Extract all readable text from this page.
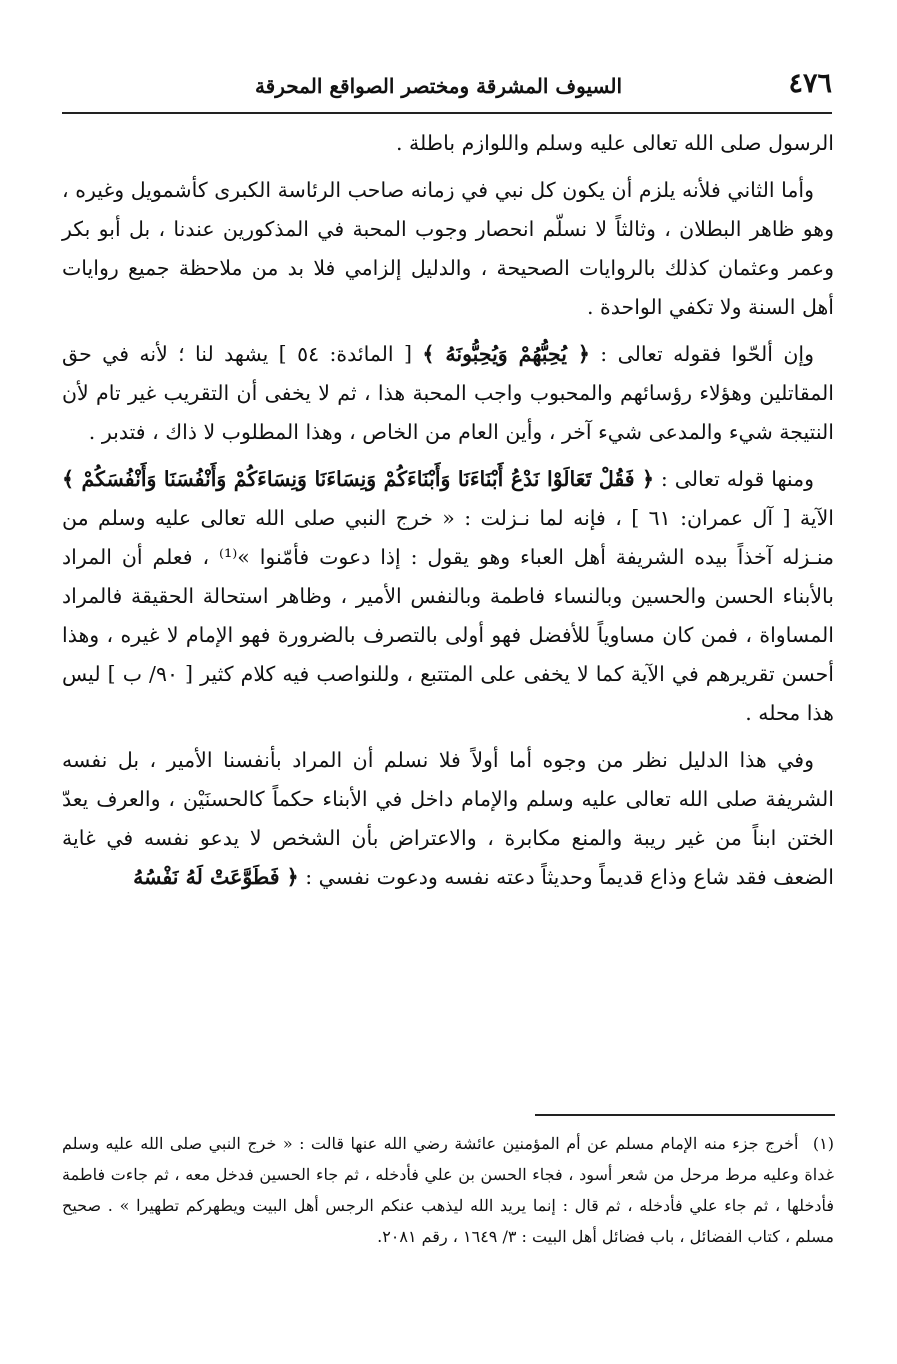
٤٧٦
السيوف المشرقة ومختصر الصواقع المحرقة

الرسول صلى الله تعالى عليه وسلم واللوازم باطلة .

وأما الثاني فلأنه يلزم أن يكون كل نبي في زمانه صاحب الرئاسة الكبرى كأشمويل وغيره ، وهو ظاهر البطلان ، وثالثاً لا نسلّم انحصار وجوب المحبة في المذكورين عندنا ، بل أبو بكر وعمر وعثمان كذلك بالروايات الصحيحة ، والدليل إلزامي فلا بد من ملاحظة جميع روايات أهل السنة ولا تكفي الواحدة .

وإن ألحّوا فقوله تعالى : ﴿ يُحِبُّهُمْ وَيُحِبُّونَهُ ﴾ [ المائدة: ٥٤ ] يشهد لنا ؛ لأنه في حق المقاتلين وهؤلاء رؤسائهم والمحبوب واجب المحبة هذا ، ثم لا يخفى أن التقريب غير تام لأن النتيجة شيء والمدعى شيء آخر ، وأين العام من الخاص ، وهذا المطلوب لا ذاك ، فتدبر .

ومنها قوله تعالى : ﴿ فَقُلْ تَعَالَوْا نَدْعُ أَبْنَاءَنَا وَأَبْنَاءَكُمْ وَنِسَاءَنَا وَنِسَاءَكُمْ وَأَنْفُسَنَا وَأَنْفُسَكُمْ ﴾ الآية [ آل عمران: ٦١ ] ، فإنه لما نـزلت : « خرج النبي صلى الله تعالى عليه وسلم من منـزله آخذاً بيده الشريفة أهل العباء وهو يقول : إذا دعوت فأمّنوا »⁽¹⁾ ، فعلم أن المراد بالأبناء الحسن والحسين وبالنساء فاطمة وبالنفس الأمير ، وظاهر استحالة الحقيقة فالمراد المساواة ، فمن كان مساوياً للأفضل فهو أولى بالتصرف بالضرورة فهو الإمام لا غيره ، وهذا أحسن تقريرهم في الآية كما لا يخفى على المتتبع ، وللنواصب فيه كلام كثير [ ٩٠/ ب ] ليس هذا محله .

وفي هذا الدليل نظر من وجوه أما أولاً فلا نسلم أن المراد بأنفسنا الأمير ، بل نفسه الشريفة صلى الله تعالى عليه وسلم والإمام داخل في الأبناء حكماً كالحسنَيْن ، والعرف يعدّ الختن ابناً من غير ريبة والمنع مكابرة ، والاعتراض بأن الشخص لا يدعو نفسه في غاية الضعف فقد شاع وذاع قديماً وحديثاً دعته نفسه ودعوت نفسي : ﴿ فَطَوَّعَتْ لَهُ نَفْسُهُ

(١) أخرج جزء منه الإمام مسلم عن أم المؤمنين عائشة رضي الله عنها قالت : « خرج النبي صلى الله عليه وسلم غداة وعليه مرط مرحل من شعر أسود ، فجاء الحسن بن علي فأدخله ، ثم جاء الحسين فدخل معه ، ثم جاءت فاطمة فأدخلها ، ثم جاء علي فأدخله ، ثم قال : إنما يريد الله ليذهب عنكم الرجس أهل البيت ويطهركم تطهيرا » . صحيح مسلم ، كتاب الفضائل ، باب فضائل أهل البيت : ٣/ ١٦٤٩ ، رقم ٢٠٨١.
